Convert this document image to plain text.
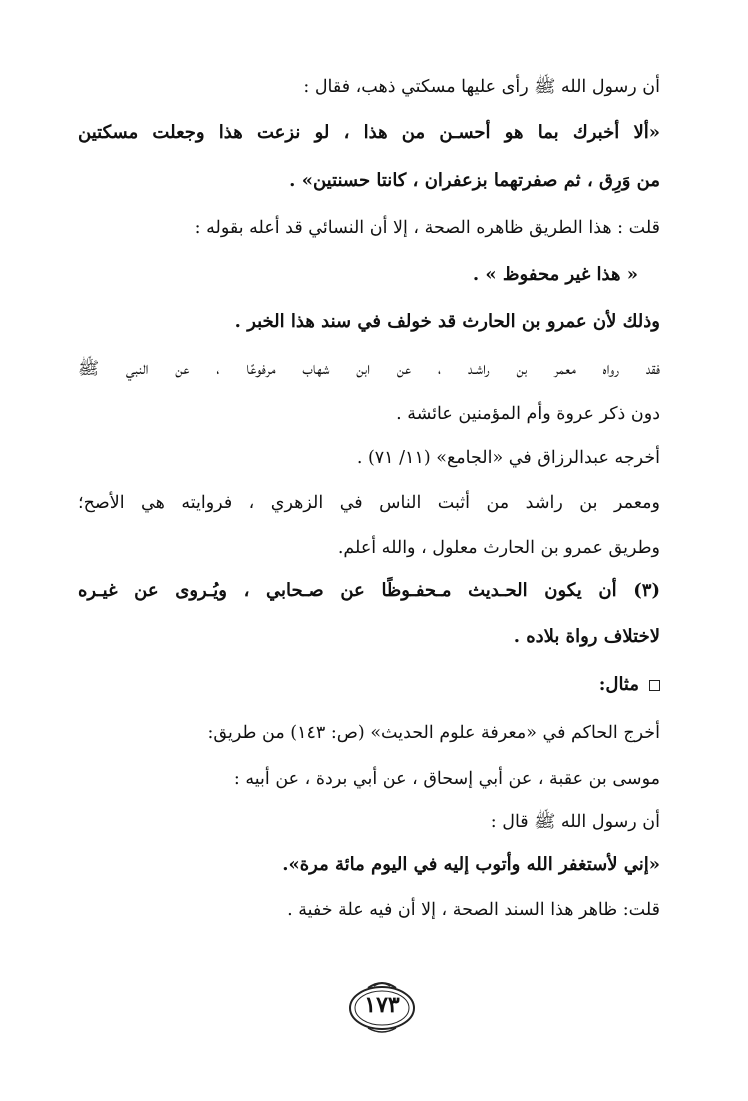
أن رسول الله ﷺ رأى عليها مسكتي ذهب، فقال :
«ألا أخبرك بما هو أحسـن من هذا ، لو نزعت هذا وجعلت مسكتين
من وَرِق ، ثم صفرتهما بزعفران ، كانتا حسنتين» .
قلت : هذا الطريق ظاهره الصحة ، إلا أن النسائي قد أعله بقوله :
« هذا غير محفوظ » .
وذلك لأن عمرو بن الحارث قد خولف في سند هذا الخبر .
فقد رواه معمر بن راشـد ، عن ابن شهاب مرفوعًا ، عن النبي ﷺ
دون ذكر عروة وأم المؤمنين عائشة .
أخرجه عبدالرزاق في «الجامع» (١١/ ٧١) .
ومعمر بن راشد من أثبت الناس في الزهري ، فروايته هي الأصح؛
وطريق عمرو بن الحارث معلول ، والله أعلم.
(٣) أن يكون الحـديث مـحفـوظًا عن صـحابي ، ويُـروى عن غيـره
لاختلاف رواة بلاده .
مثال:
أخرج الحاكم في «معرفة علوم الحديث» (ص: ١٤٣) من طريق:
موسى بن عقبة ، عن أبي إسحاق ، عن أبي بردة ، عن أبيه :
أن رسول الله ﷺ قال :
«إني لأستغفر الله وأتوب إليه في اليوم مائة مرة».
قلت: ظاهر هذا السند الصحة ، إلا أن فيه علة خفية .
١٧٣
